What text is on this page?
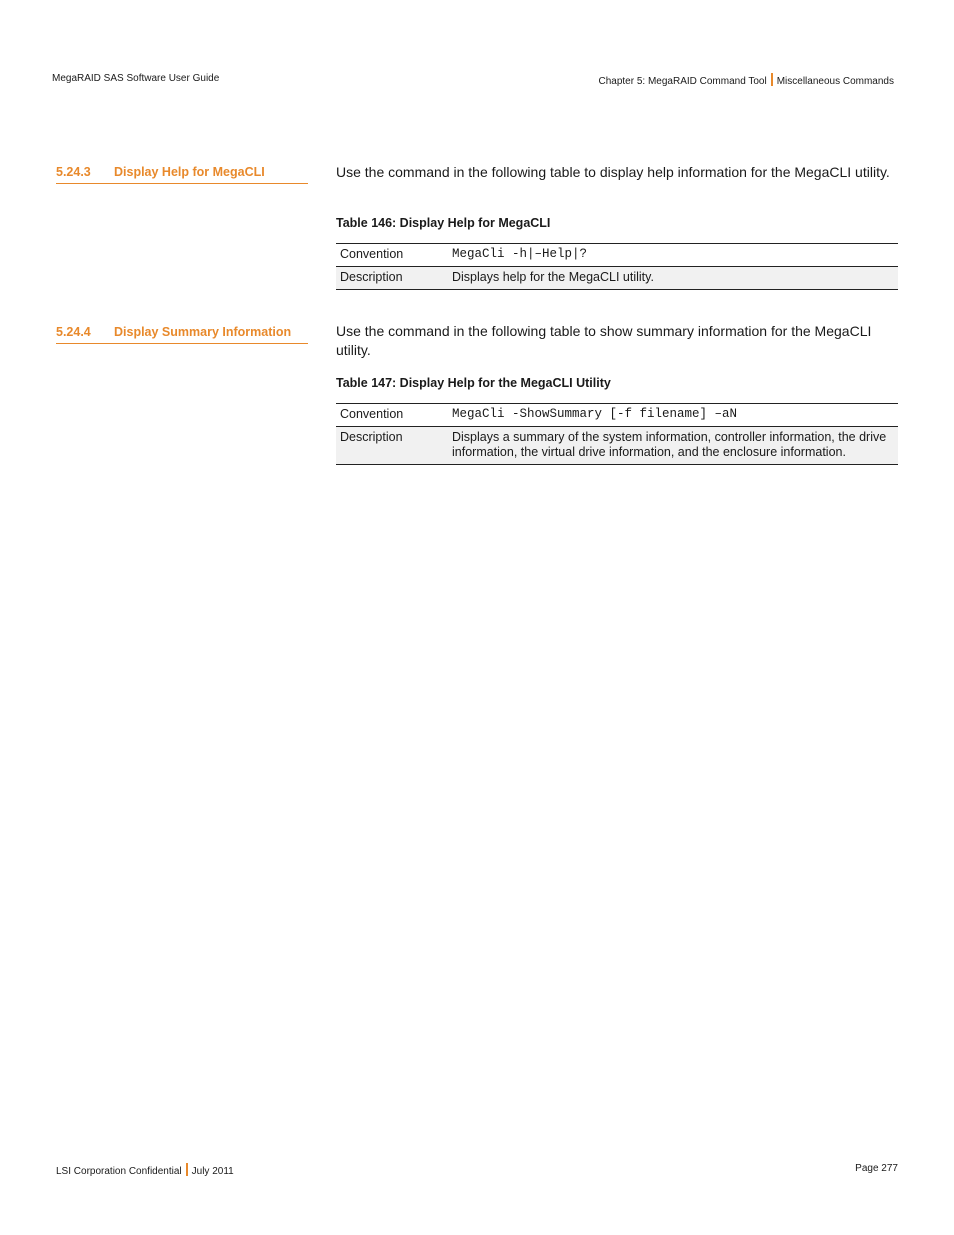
MegaRAID SAS Software User Guide	Chapter 5: MegaRAID Command Tool Miscellaneous Commands
5.24.3 Display Help for MegaCLI	Use the command in the following table to display help information for the MegaCLI utility.
Table 146: Display Help for MegaCLI
Convention	MegaCli -h|–Help|?
Description	Displays help for the MegaCLI utility.
5.24.4 Display Summary Information	Use the command in the following table to show summary information for the MegaCLI utility.
Table 147: Display Help for the MegaCLI Utility
Convention	MegaCli -ShowSummary [-f filename] –aN
Description	Displays a summary of the system information, controller information, the drive information, the virtual drive information, and the enclosure information.
LSI Corporation Confidential July 2011	Page 277
